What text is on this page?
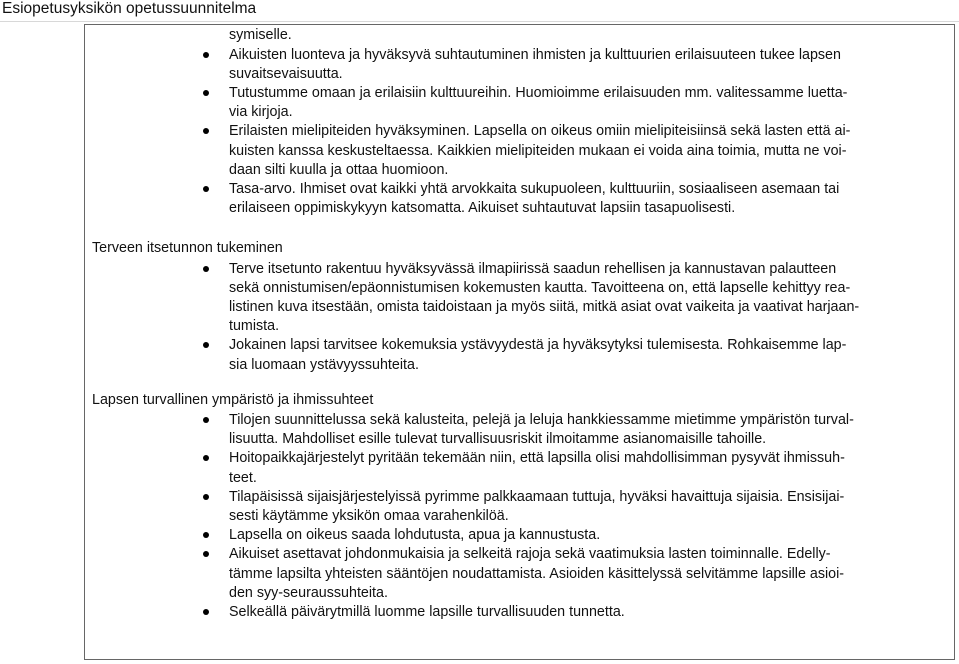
Esiopetusyksikön opetussuunnitelma
symiselle.
Aikuisten luonteva ja hyväksyvä suhtautuminen ihmisten ja kulttuurien erilaisuuteen tukee lapsen
suvaitsevaisuutta.
Tutustumme omaan ja erilaisiin kulttuureihin. Huomioimme erilaisuuden mm. valitessamme luetta-
via kirjoja.
Erilaisten mielipiteiden hyväksyminen. Lapsella on oikeus omiin mielipiteisiinsä sekä lasten että ai-
kuisten kanssa keskusteltaessa. Kaikkien mielipiteiden mukaan ei voida aina toimia, mutta ne voi-
daan silti kuulla ja ottaa huomioon.
Tasa-arvo. Ihmiset ovat kaikki yhtä arvokkaita sukupuoleen, kulttuuriin, sosiaaliseen asemaan tai
erilaiseen oppimiskykyyn katsomatta. Aikuiset suhtautuvat lapsiin tasapuolisesti.
Terveen itsetunnon tukeminen
Terve itsetunto rakentuu hyväksyvässä ilmapiirissä saadun rehellisen ja kannustavan palautteen
sekä onnistumisen/epäonnistumisen kokemusten kautta. Tavoitteena on, että lapselle kehittyy rea-
listinen kuva itsestään, omista taidoistaan ja myös siitä, mitkä asiat ovat vaikeita ja vaativat harjaan-
tumista.
Jokainen lapsi tarvitsee kokemuksia ystävyydestä ja hyväksytyksi tulemisesta. Rohkaisemme lap-
sia luomaan ystävyyssuhteita.
Lapsen turvallinen ympäristö ja ihmissuhteet
Tilojen suunnittelussa sekä kalusteita, pelejä ja leluja hankkiessamme mietimme ympäristön turval-
lisuutta. Mahdolliset esille tulevat turvallisuusriskit ilmoitamme asianomaisille tahoille.
Hoitopaikkajärjestelyt pyritään tekemään niin, että lapsilla olisi mahdollisimman pysyvät ihmissuh-
teet.
Tilapäisissä sijaisjärjestelyissä pyrimme palkkaamaan tuttuja, hyväksi havaittuja sijaisia. Ensisijai-
sesti käytämme yksikön omaa varahenkilöä.
Lapsella on oikeus saada lohdutusta, apua ja kannustusta.
Aikuiset asettavat johdonmukaisia ja selkeitä rajoja sekä vaatimuksia lasten toiminnalle. Edelly-
tämme lapsilta yhteisten sääntöjen noudattamista. Asioiden käsittelyssä selvitämme lapsille asioi-
den syy-seuraussuhteita.
Selkeällä päivärytmillä luomme lapsille turvallisuuden tunnetta.
